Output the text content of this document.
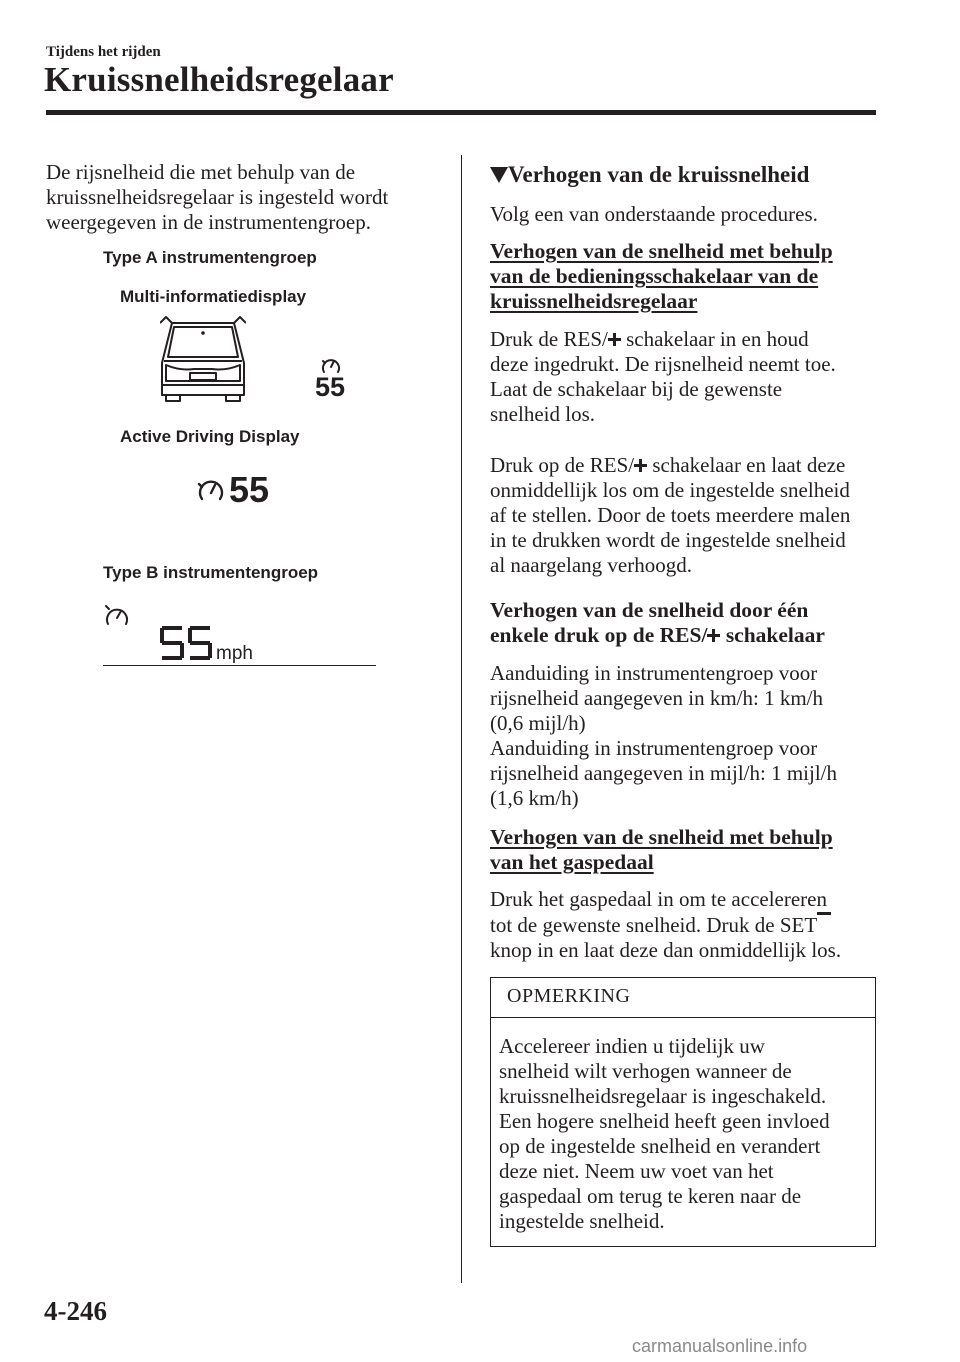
Tijdens het rijden
Kruissnelheidsregelaar

De rijsnelheid die met behulp van de

kruissnelheidsregelaar is ingesteld wordt

weergegeven in de instrumentengroep.

Type A instrumentengroep
Multi-informatiedisplay
55
Active Driving Display
55
Type B instrumentengroep
mph
Verhogen van de kruissnelheid
Volg een van onderstaande procedures.

Verhogen van de snelheid met behulp

van de bedieningsschakelaar van de

kruissnelheidsregelaar

Druk de RES/ schakelaar in en houd

deze ingedrukt. De rijsnelheid neemt toe.

Laat de schakelaar bij de gewenste

snelheid los.

Druk op de RES/ schakelaar en laat deze

onmiddellijk los om de ingestelde snelheid

af te stellen. Door de toets meerdere malen

in te drukken wordt de ingestelde snelheid

al naargelang verhoogd.

Verhogen van de snelheid door één

enkele druk op de RES/ schakelaar

Aanduiding in instrumentengroep voor

rijsnelheid aangegeven in km/h: 1 km/h

(0,6 mijl/h)

Aanduiding in instrumentengroep voor

rijsnelheid aangegeven in mijl/h: 1 mijl/h

(1,6 km/h)

Verhogen van de snelheid met behulp

van het gaspedaal

Druk het gaspedaal in om te accelereren

tot de gewenste snelheid. Druk de SET

knop in en laat deze dan onmiddellijk los.

OPMERKING

Accelereer indien u tijdelijk uw

snelheid wilt verhogen wanneer de

kruissnelheidsregelaar is ingeschakeld.

Een hogere snelheid heeft geen invloed

op de ingestelde snelheid en verandert

deze niet. Neem uw voet van het

gaspedaal om terug te keren naar de

ingestelde snelheid.

4-246
carmanualsonline.info
